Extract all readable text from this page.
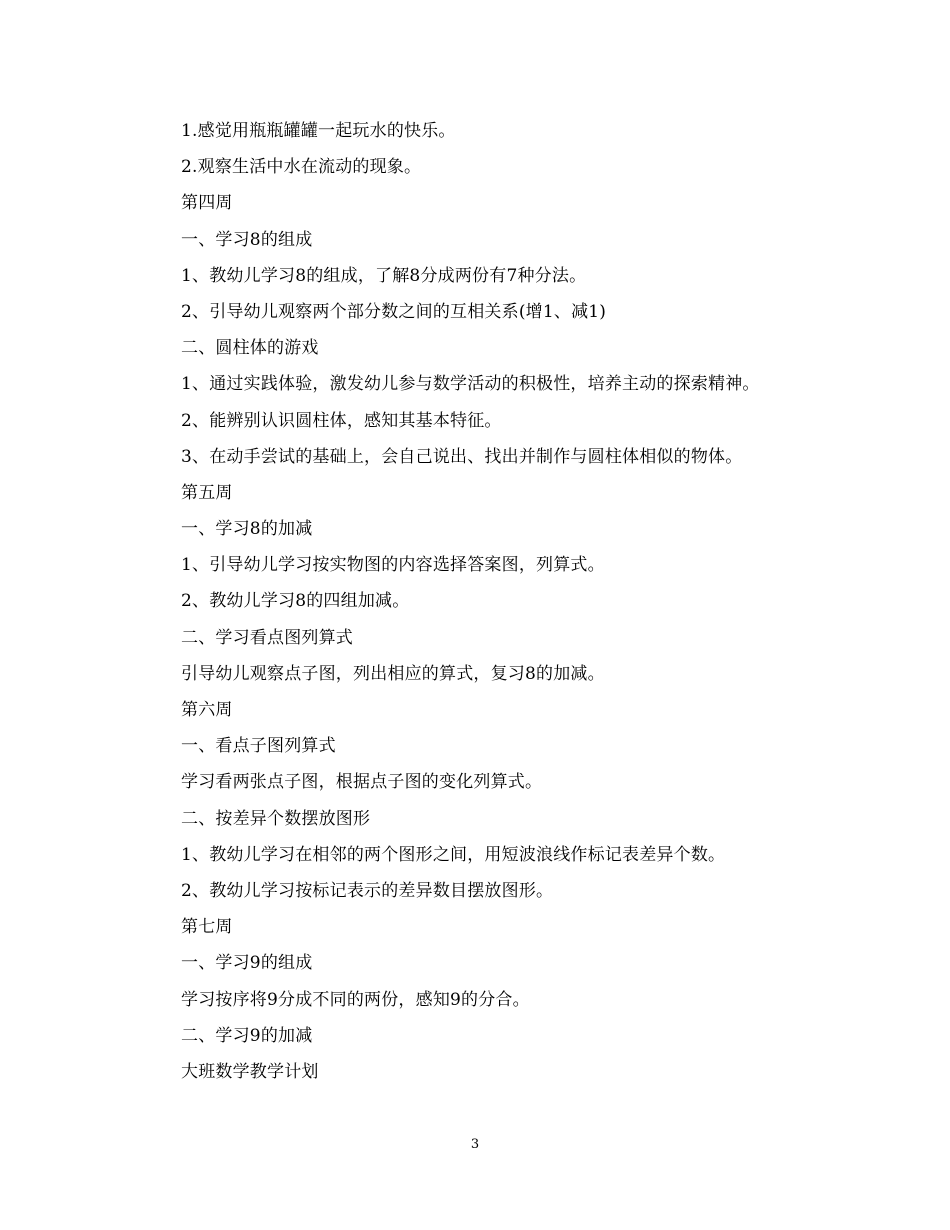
1.感觉用瓶瓶罐罐一起玩水的快乐。
2.观察生活中水在流动的现象。
第四周
一、学习8的组成
1、教幼儿学习8的组成，了解8分成两份有7种分法。
2、引导幼儿观察两个部分数之间的互相关系(增1、减1)
二、圆柱体的游戏
1、通过实践体验，激发幼儿参与数学活动的积极性，培养主动的探索精神。
2、能辨别认识圆柱体，感知其基本特征。
3、在动手尝试的基础上，会自己说出、找出并制作与圆柱体相似的物体。
第五周
一、学习8的加减
1、引导幼儿学习按实物图的内容选择答案图，列算式。
2、教幼儿学习8的四组加减。
二、学习看点图列算式
引导幼儿观察点子图，列出相应的算式，复习8的加减。
第六周
一、看点子图列算式
学习看两张点子图，根据点子图的变化列算式。
二、按差异个数摆放图形
1、教幼儿学习在相邻的两个图形之间，用短波浪线作标记表差异个数。
2、教幼儿学习按标记表示的差异数目摆放图形。
第七周
一、学习9的组成
学习按序将9分成不同的两份，感知9的分合。
二、学习9的加减
大班数学教学计划
3
